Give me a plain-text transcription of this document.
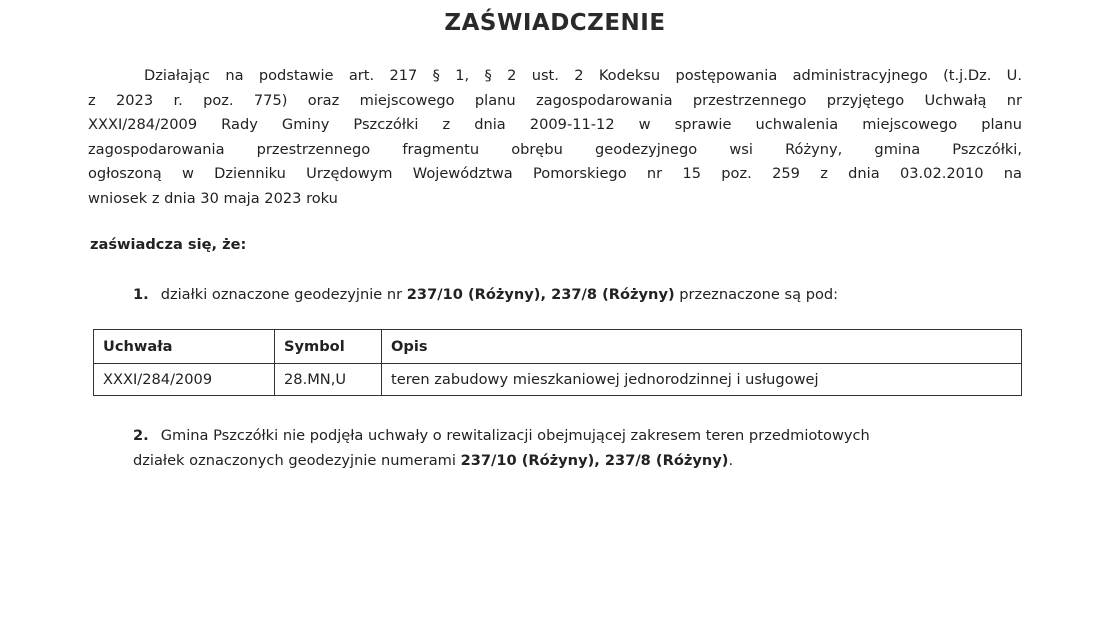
ZAŚWIADCZENIE
Działając na podstawie art. 217 § 1, § 2 ust. 2 Kodeksu postępowania administracyjnego (t.j.Dz. U.
z 2023 r. poz. 775) oraz miejscowego planu zagospodarowania przestrzennego przyjętego Uchwałą nr
XXXI/284/2009 Rady Gminy Pszczółki z dnia 2009-11-12 w sprawie uchwalenia miejscowego planu
zagospodarowania przestrzennego fragmentu obrębu geodezyjnego wsi Różyny, gmina Pszczółki,
ogłoszoną w Dzienniku Urzędowym Województwa Pomorskiego nr 15 poz. 259 z dnia 03.02.2010 na
wniosek z dnia 30 maja 2023 roku
zaświadcza się, że:
1. działki oznaczone geodezyjnie nr 237/10 (Różyny), 237/8 (Różyny) przeznaczone są pod:
Uchwała	Symbol	Opis
XXXI/284/2009	28.MN,U	teren zabudowy mieszkaniowej jednorodzinnej i usługowej
2. Gmina Pszczółki nie podjęła uchwały o rewitalizacji obejmującej zakresem teren przedmiotowych
działek oznaczonych geodezyjnie numerami 237/10 (Różyny), 237/8 (Różyny).
